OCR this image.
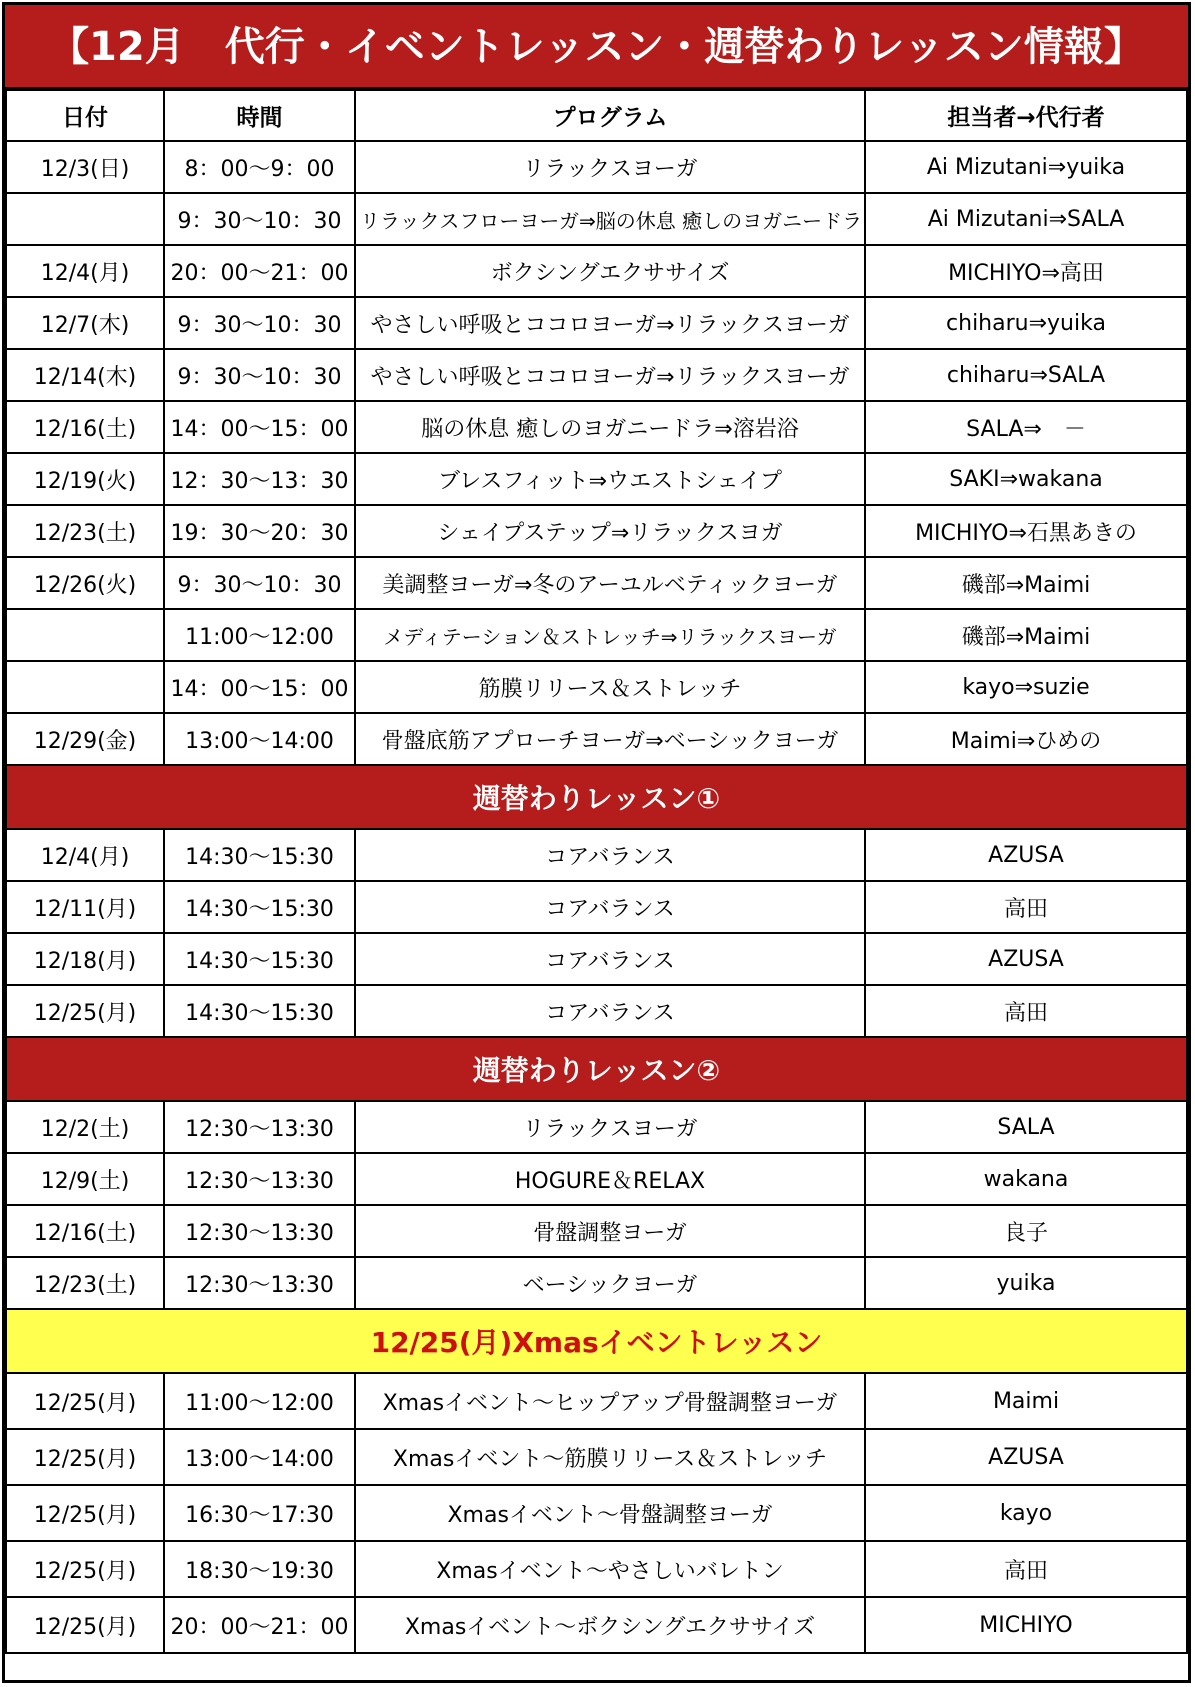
【12月　代行・イベントレッスン・週替わりレッスン情報】
日付	時間	プログラム	担当者→代行者
12/3(日)	8：00～9：00	リラックスヨーガ	Ai Mizutani⇒yuika
	9：30～10：30	リラックスフローヨーガ⇒脳の休息 癒しのヨガニードラ	Ai Mizutani⇒SALA
12/4(月)	20：00～21：00	ボクシングエクササイズ	MICHIYO⇒高田
12/7(木)	9：30～10：30	やさしい呼吸とココロヨーガ⇒リラックスヨーガ	chiharu⇒yuika
12/14(木)	9：30～10：30	やさしい呼吸とココロヨーガ⇒リラックスヨーガ	chiharu⇒SALA
12/16(土)	14：00～15：00	脳の休息 癒しのヨガニードラ⇒溶岩浴	SALA⇒　－
12/19(火)	12：30～13：30	ブレスフィット⇒ウエストシェイプ	SAKI⇒wakana
12/23(土)	19：30～20：30	シェイプステップ⇒リラックスヨガ	MICHIYO⇒石黒あきの
12/26(火)	9：30～10：30	美調整ヨーガ⇒冬のアーユルベティックヨーガ	磯部⇒Maimi
	11:00～12:00	メディテーション＆ストレッチ⇒リラックスヨーガ	磯部⇒Maimi
	14：00～15：00	筋膜リリース＆ストレッチ	kayo⇒suzie
12/29(金)	13:00～14:00	骨盤底筋アプローチヨーガ⇒ベーシックヨーガ	Maimi⇒ひめの
週替わりレッスン①			
12/4(月)	14:30～15:30	コアバランス	AZUSA
12/11(月)	14:30～15:30	コアバランス	高田
12/18(月)	14:30～15:30	コアバランス	AZUSA
12/25(月)	14:30～15:30	コアバランス	高田
週替わりレッスン②			
12/2(土)	12:30～13:30	リラックスヨーガ	SALA
12/9(土)	12:30～13:30	HOGURE＆RELAX	wakana
12/16(土)	12:30～13:30	骨盤調整ヨーガ	良子
12/23(土)	12:30～13:30	ベーシックヨーガ	yuika
12/25(月)Xmasイベントレッスン			
12/25(月)	11:00～12:00	Xmasイベント～ヒップアップ骨盤調整ヨーガ	Maimi
12/25(月)	13:00～14:00	Xmasイベント～筋膜リリース＆ストレッチ	AZUSA
12/25(月)	16:30～17:30	Xmasイベント～骨盤調整ヨーガ	kayo
12/25(月)	18:30～19:30	Xmasイベント～やさしいバレトン	高田
12/25(月)	20：00～21：00	Xmasイベント～ボクシングエクササイズ	MICHIYO
